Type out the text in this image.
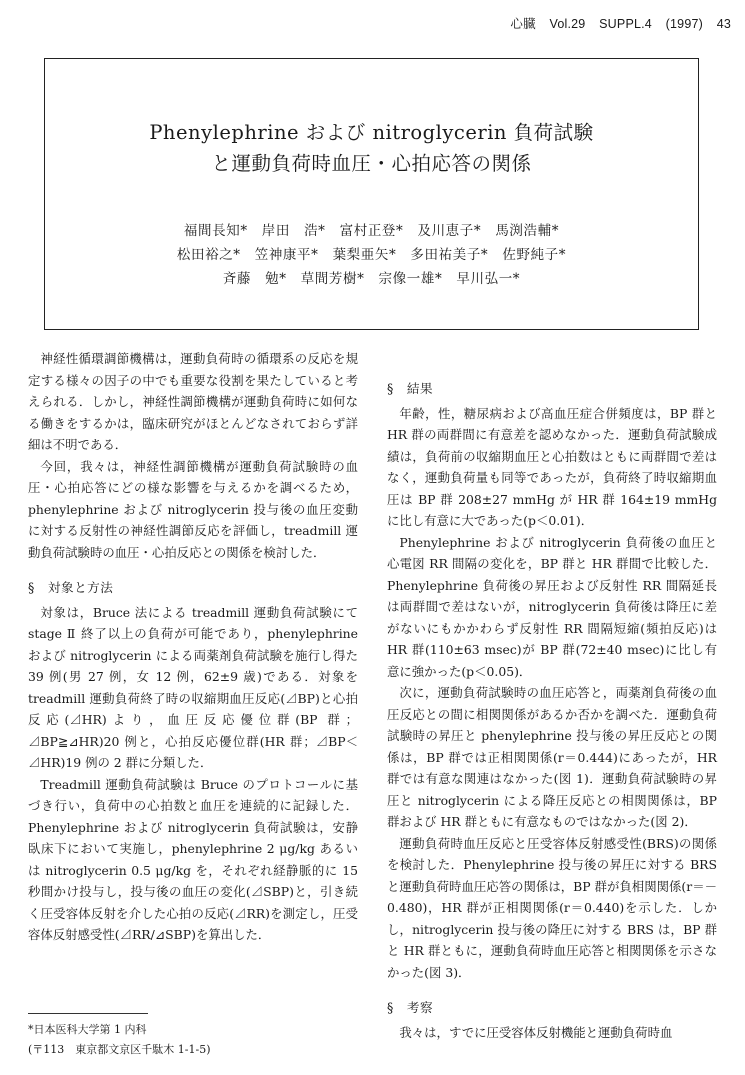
心臓 Vol.29 SUPPL.4 (1997) 43
Phenylephrine および nitroglycerin 負荷試験
と運動負荷時血圧・心拍応答の関係
福間長知*　岸田　浩*　富村正登*　及川恵子*　馬渕浩輔*
松田裕之*　笠神康平*　葉梨亜矢*　多田祐美子*　佐野純子*
斉藤　勉*　草間芳樹*　宗像一雄*　早川弘一*

神経性循環調節機構は，運動負荷時の循環系の反応を規定する様々の因子の中でも重要な役割を果たしていると考えられる．しかし，神経性調節機構が運動負荷時に如何なる働きをするかは，臨床研究がほとんどなされておらず詳細は不明である．

今回，我々は，神経性調節機構が運動負荷試験時の血圧・心拍応答にどの様な影響を与えるかを調べるため，phenylephrine および nitroglycerin 投与後の血圧変動に対する反射性の神経性調節反応を評価し，treadmill 運動負荷試験時の血圧・心拍反応との関係を検討した．

§　対象と方法

対象は，Bruce 法による treadmill 運動負荷試験にて stage Ⅱ 終了以上の負荷が可能であり，phenylephrine および nitroglycerin による両薬剤負荷試験を施行し得た 39 例(男 27 例，女 12 例，62±9 歳)である．対象を treadmill 運動負荷終了時の収縮期血圧反応(⊿BP)と心拍反応(⊿HR)より，血圧反応優位群(BP 群；⊿BP≧⊿HR)20 例と，心拍反応優位群(HR 群；⊿BP＜⊿HR)19 例の 2 群に分類した．

Treadmill 運動負荷試験は Bruce のプロトコールに基づき行い，負荷中の心拍数と血圧を連続的に記録した．Phenylephrine および nitroglycerin 負荷試験は，安静臥床下において実施し，phenylephrine 2 μg/kg あるいは nitroglycerin 0.5 μg/kg を，それぞれ経静脈的に 15 秒間かけ投与し，投与後の血圧の変化(⊿SBP)と，引き続く圧受容体反射を介した心拍の反応(⊿RR)を測定し，圧受容体反射感受性(⊿RR/⊿SBP)を算出した．

§　結果

年齢，性，糖尿病および高血圧症合併頻度は，BP 群と HR 群の両群間に有意差を認めなかった．運動負荷試験成績は，負荷前の収縮期血圧と心拍数はともに両群間で差はなく，運動負荷量も同等であったが，負荷終了時収縮期血圧は BP 群 208±27 mmHg が HR 群 164±19 mmHg に比し有意に大であった(p＜0.01)．

Phenylephrine および nitroglycerin 負荷後の血圧と心電図 RR 間隔の変化を，BP 群と HR 群間で比較した．Phenylephrine 負荷後の昇圧および反射性 RR 間隔延長は両群間で差はないが，nitroglycerin 負荷後は降圧に差がないにもかかわらず反射性 RR 間隔短縮(頻拍反応)は HR 群(110±63 msec)が BP 群(72±40 msec)に比し有意に強かった(p＜0.05)．

次に，運動負荷試験時の血圧応答と，両薬剤負荷後の血圧反応との間に相関関係があるか否かを調べた．運動負荷試験時の昇圧と phenylephrine 投与後の昇圧反応との関係は，BP 群では正相関関係(r＝0.444)にあったが，HR 群では有意な関連はなかった(図 1)．運動負荷試験時の昇圧と nitroglycerin による降圧反応との相関関係は，BP 群および HR 群ともに有意なものではなかった(図 2)．

運動負荷時血圧反応と圧受容体反射感受性(BRS)の関係を検討した．Phenylephrine 投与後の昇圧に対する BRS と運動負荷時血圧応答の関係は，BP 群が負相関関係(r＝－0.480)，HR 群が正相関関係(r＝0.440)を示した．しかし，nitroglycerin 投与後の降圧に対する BRS は，BP 群と HR 群ともに，運動負荷時血圧応答と相関関係を示さなかった(図 3)．

§　考察

我々は，すでに圧受容体反射機能と運動負荷時血

*日本医科大学第 1 内科
(〒113　東京都文京区千駄木 1-1-5)
